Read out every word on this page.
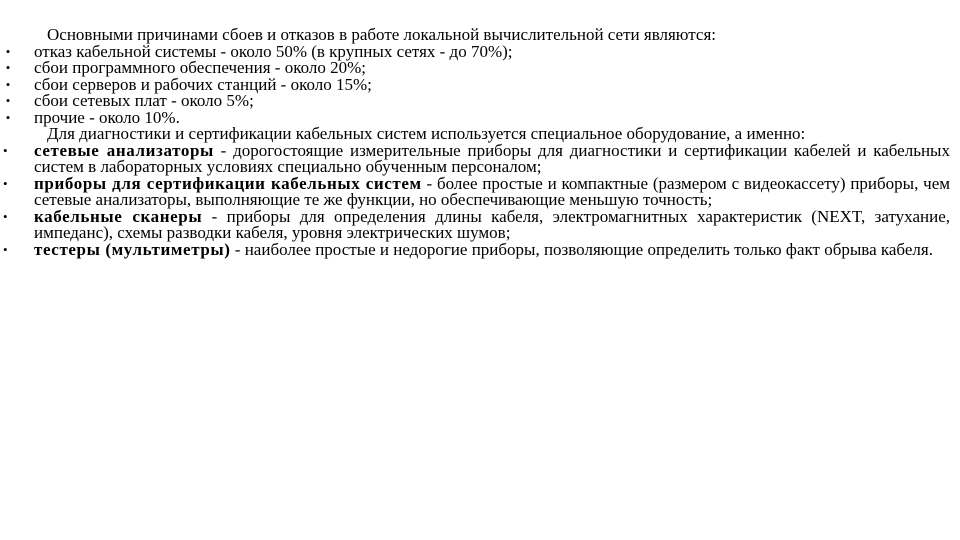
Основными причинами сбоев и отказов в работе локальной вычислительной сети являются:
• отказ кабельной системы - около 50% (в крупных сетях - до 70%);
• сбои программного обеспечения - около 20%;
• сбои серверов и рабочих станций - около 15%;
• сбои сетевых плат - около 5%;
• прочие - около 10%.
Для диагностики и сертификации кабельных систем используется специальное оборудование, а именно:
•	сетевые анализаторы - дорогостоящие измерительные приборы для диагностики и сертификации кабелей и кабельных систем в лабораторных условиях специально обученным персоналом;
•	приборы для сертификации кабельных систем - более простые и компактные (размером с видеокассету) приборы, чем сетевые анализаторы, выполняющие те же функции, но обеспечивающие меньшую точность;
•	кабельные сканеры - приборы для определения длины кабеля, электромагнитных характеристик (NEXT, затухание, импеданс), схемы разводки кабеля, уровня электрических шумов;
•	тестеры (мультиметры) - наиболее простые и недорогие приборы, позволяющие определить только факт обрыва кабеля.
